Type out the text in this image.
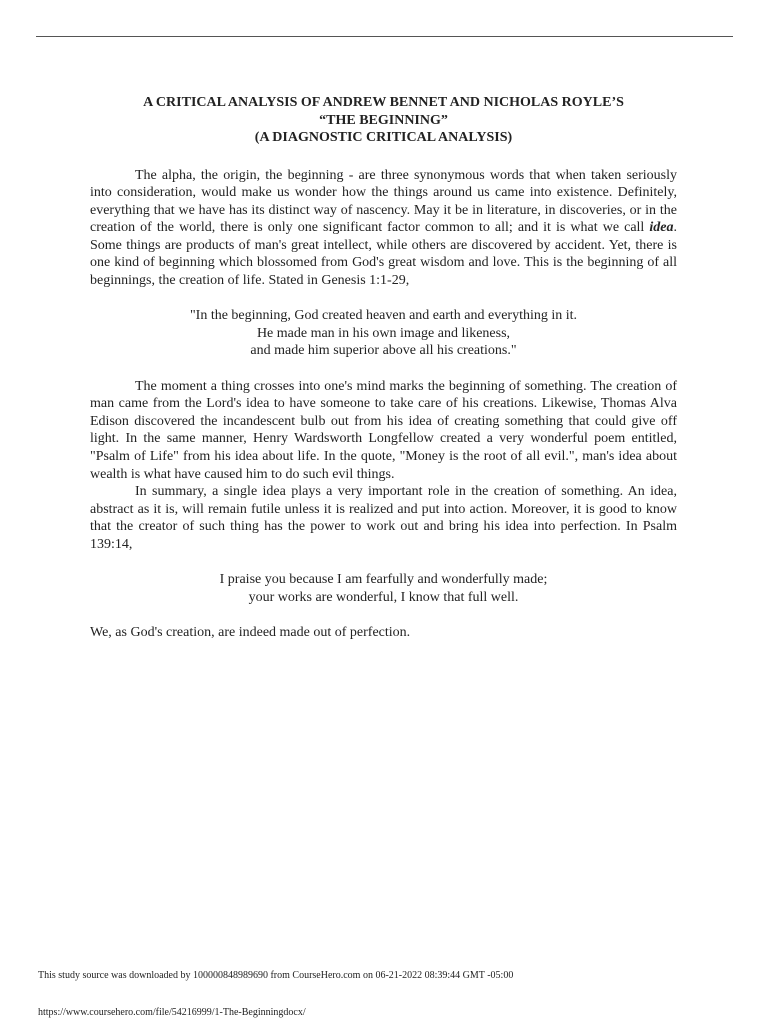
A CRITICAL ANALYSIS OF ANDREW BENNET AND NICHOLAS ROYLE’S
“THE BEGINNING”
(A DIAGNOSTIC CRITICAL ANALYSIS)

The alpha, the origin, the beginning - are three synonymous words that when taken seriously into consideration, would make us wonder how the things around us came into existence. Definitely, everything that we have has its distinct way of nascency. May it be in literature, in discoveries, or in the creation of the world, there is only one significant factor common to all; and it is what we call idea. Some things are products of man's great intellect, while others are discovered by accident. Yet, there is one kind of beginning which blossomed from God's great wisdom and love. This is the beginning of all beginnings, the creation of life. Stated in Genesis 1:1-29,

"In the beginning, God created heaven and earth and everything in it.
He made man in his own image and likeness,
and made him superior above all his creations."

The moment a thing crosses into one's mind marks the beginning of something. The creation of man came from the Lord's idea to have someone to take care of his creations. Likewise, Thomas Alva Edison discovered the incandescent bulb out from his idea of creating something that could give off light. In the same manner, Henry Wardsworth Longfellow created a very wonderful poem entitled, "Psalm of Life" from his idea about life. In the quote, "Money is the root of all evil.", man's idea about wealth is what have caused him to do such evil things.

In summary, a single idea plays a very important role in the creation of something. An idea, abstract as it is, will remain futile unless it is realized and put into action. Moreover, it is good to know that the creator of such thing has the power to work out and bring his idea into perfection. In Psalm 139:14,

I praise you because I am fearfully and wonderfully made;
your works are wonderful, I know that full well.

We, as God's creation, are indeed made out of perfection.

This study source was downloaded by 100000848989690 from CourseHero.com on 06-21-2022 08:39:44 GMT -05:00
https://www.coursehero.com/file/54216999/1-The-Beginningdocx/
